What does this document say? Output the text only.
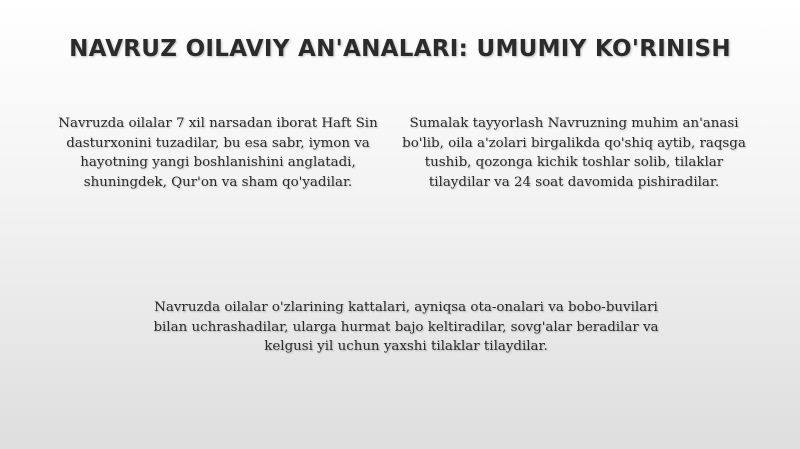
NAVRUZ OILAVIY AN'ANALARI: UMUMIY KO'RINISH

Navruzda oilalar 7 xil narsadan iborat Haft Sin dasturxonini tuzadilar, bu esa sabr, iymon va hayotning yangi boshlanishini anglatadi, shuningdek, Qur'on va sham qo'yadilar.

Sumalak tayyorlash Navruzning muhim an'anasi bo'lib, oila a'zolari birgalikda qo'shiq aytib, raqsga tushib, qozonga kichik toshlar solib, tilaklar tilaydilar va 24 soat davomida pishiradilar.

Navruzda oilalar o'zlarining kattalari, ayniqsa ota-onalari va bobo-buvilari bilan uchrashadilar, ularga hurmat bajo keltiradilar, sovg'alar beradilar va kelgusi yil uchun yaxshi tilaklar tilaydilar.
